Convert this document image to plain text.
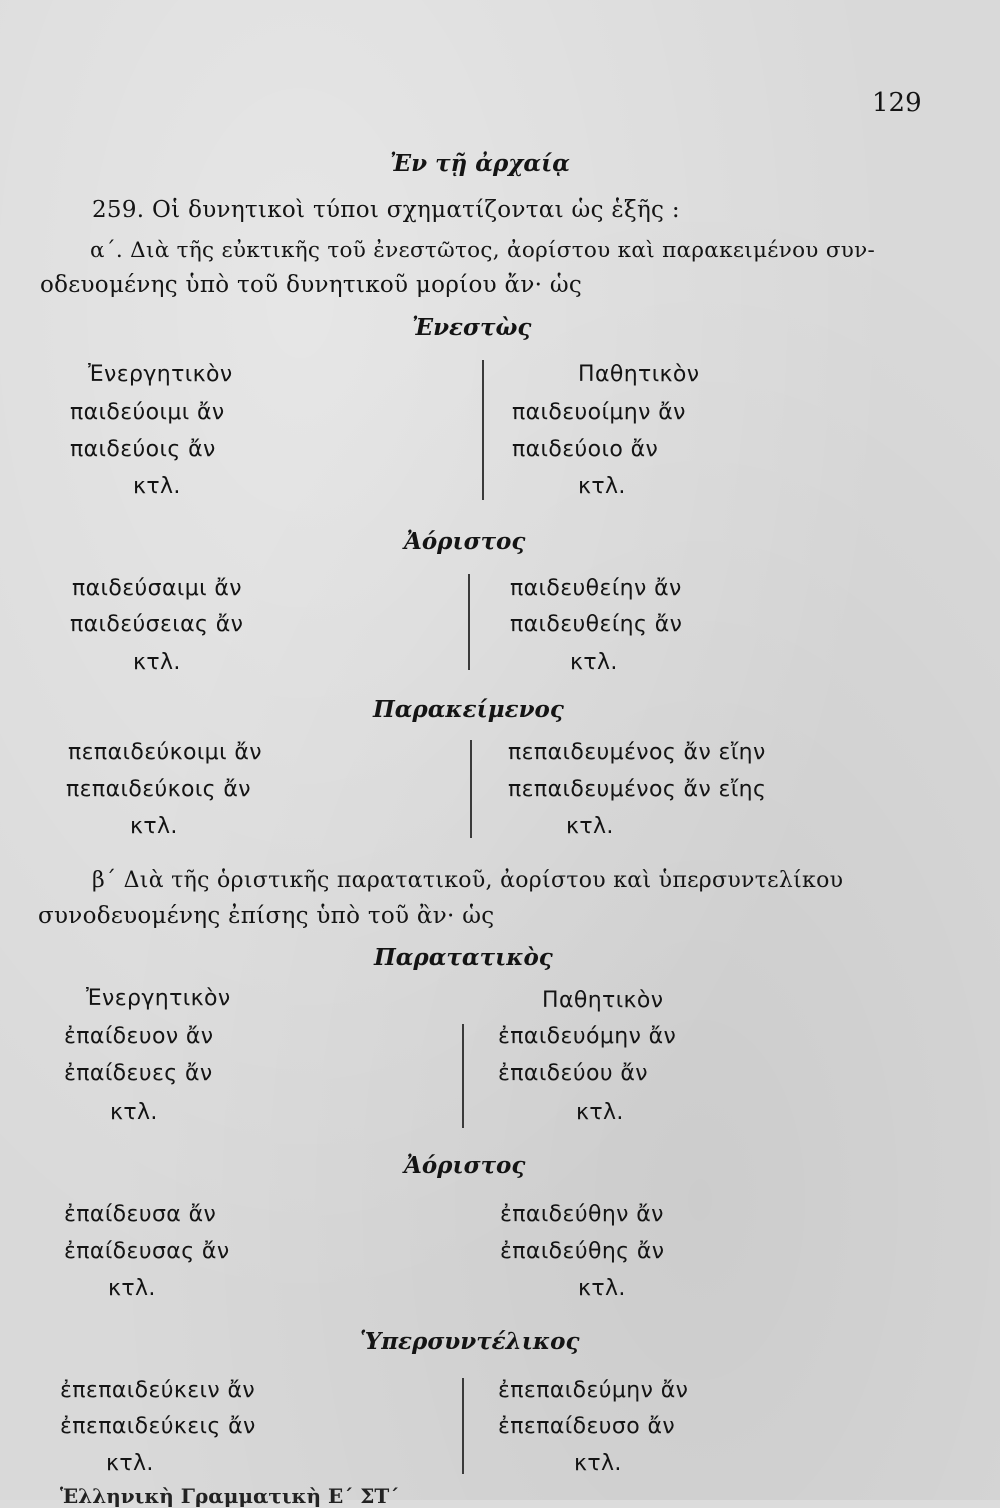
129
Ἐν τῇ ἀρχαίᾳ
259. Οἱ δυνητικοὶ τύποι σχηματίζονται ὡς ἑξῆς :
α΄. Διὰ τῆς εὐκτικῆς τοῦ ἐνεστῶτος, ἀορίστου καὶ παρακειμένου συν-
οδευομένης ὑπὸ τοῦ δυνητικοῦ μορίου ἄν· ὡς
Ἐνεστὼς
Ἐνεργητικὸν
παιδεύοιμι ἄν
παιδεύοις ἄν
κτλ.
Παθητικὸν
παιδευοίμην ἄν
παιδεύοιο ἄν
κτλ.
Ἀόριστος
παιδεύσαιμι ἄν
παιδεύσειας ἄν
κτλ.
παιδευθείην ἄν
παιδευθείης ἄν
κτλ.
Παρακείμενος
πεπαιδεύκοιμι ἄν
πεπαιδεύκοις ἄν
κτλ.
πεπαιδευμένος ἄν εἴην
πεπαιδευμένος ἄν εἴης
κτλ.
β΄ Διὰ τῆς ὁριστικῆς παρατατικοῦ, ἀορίστου καὶ ὑπερσυντελίκου
συνοδευομένης ἐπίσης ὑπὸ τοῦ ἂν· ὡς
Παρατατικὸς
Ἐνεργητικὸν
ἐπαίδευον ἄν
ἐπαίδευες ἄν
κτλ.
Παθητικὸν
ἐπαιδευόμην ἄν
ἐπαιδεύου ἄν
κτλ.
Ἀόριστος
ἐπαίδευσα ἄν
ἐπαίδευσας ἄν
κτλ.
ἐπαιδεύθην ἄν
ἐπαιδεύθης ἄν
κτλ.
Ὑπερσυντέλικος
ἐπεπαιδεύκειν ἄν
ἐπεπαιδεύκεις ἄν
κτλ.
ἐπεπαιδεύμην ἄν
ἐπεπαίδευσο ἄν
κτλ.
Ἑλληνικὴ Γραμματικὴ Ε΄ ΣΤ΄
